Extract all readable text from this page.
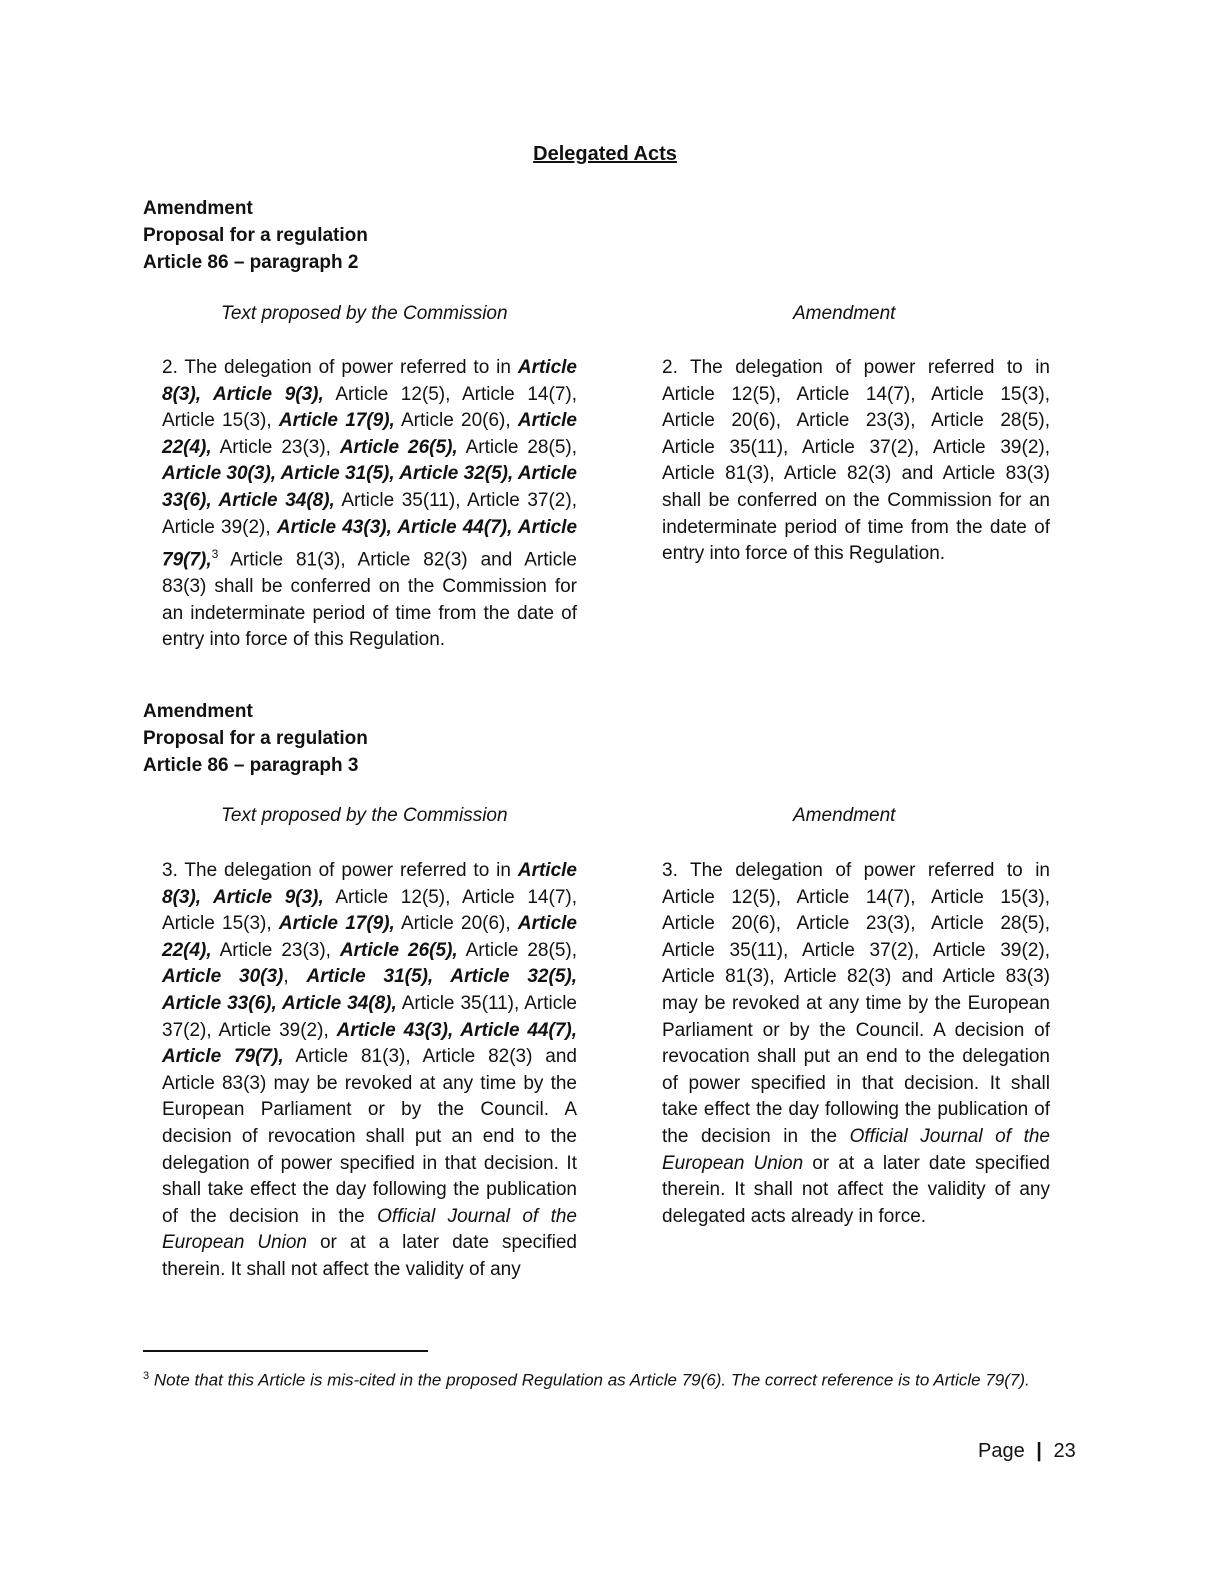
Delegated Acts
Amendment
Proposal for a regulation
Article 86 – paragraph 2
Text proposed by the Commission	Amendment
2. The delegation of power referred to in Article 8(3), Article 9(3), Article 12(5), Article 14(7), Article 15(3), Article 17(9), Article 20(6), Article 22(4), Article 23(3), Article 26(5), Article 28(5), Article 30(3), Article 31(5), Article 32(5), Article 33(6), Article 34(8), Article 35(11), Article 37(2), Article 39(2), Article 43(3), Article 44(7), Article 79(7),$^3$ Article 81(3), Article 82(3) and Article 83(3) shall be conferred on the Commission for an indeterminate period of time from the date of entry into force of this Regulation.
2. The delegation of power referred to in Article 12(5), Article 14(7), Article 15(3), Article 20(6), Article 23(3), Article 28(5), Article 35(11), Article 37(2), Article 39(2), Article 81(3), Article 82(3) and Article 83(3) shall be conferred on the Commission for an indeterminate period of time from the date of entry into force of this Regulation.
Amendment
Proposal for a regulation
Article 86 – paragraph 3
Text proposed by the Commission	Amendment
3. The delegation of power referred to in Article 8(3), Article 9(3), Article 12(5), Article 14(7), Article 15(3), Article 17(9), Article 20(6), Article 22(4), Article 23(3), Article 26(5), Article 28(5), Article 30(3), Article 31(5), Article 32(5), Article 33(6), Article 34(8), Article 35(11), Article 37(2), Article 39(2), Article 43(3), Article 44(7), Article 79(7), Article 81(3), Article 82(3) and Article 83(3) may be revoked at any time by the European Parliament or by the Council. A decision of revocation shall put an end to the delegation of power specified in that decision. It shall take effect the day following the publication of the decision in the Official Journal of the European Union or at a later date specified therein. It shall not affect the validity of any
3. The delegation of power referred to in Article 12(5), Article 14(7), Article 15(3), Article 20(6), Article 23(3), Article 28(5), Article 35(11), Article 37(2), Article 39(2), Article 81(3), Article 82(3) and Article 83(3) may be revoked at any time by the European Parliament or by the Council. A decision of revocation shall put an end to the delegation of power specified in that decision. It shall take effect the day following the publication of the decision in the Official Journal of the European Union or at a later date specified therein. It shall not affect the validity of any delegated acts already in force.
$^3$ Note that this Article is mis-cited in the proposed Regulation as Article 79(6). The correct reference is to Article 79(7).
Page | 23
